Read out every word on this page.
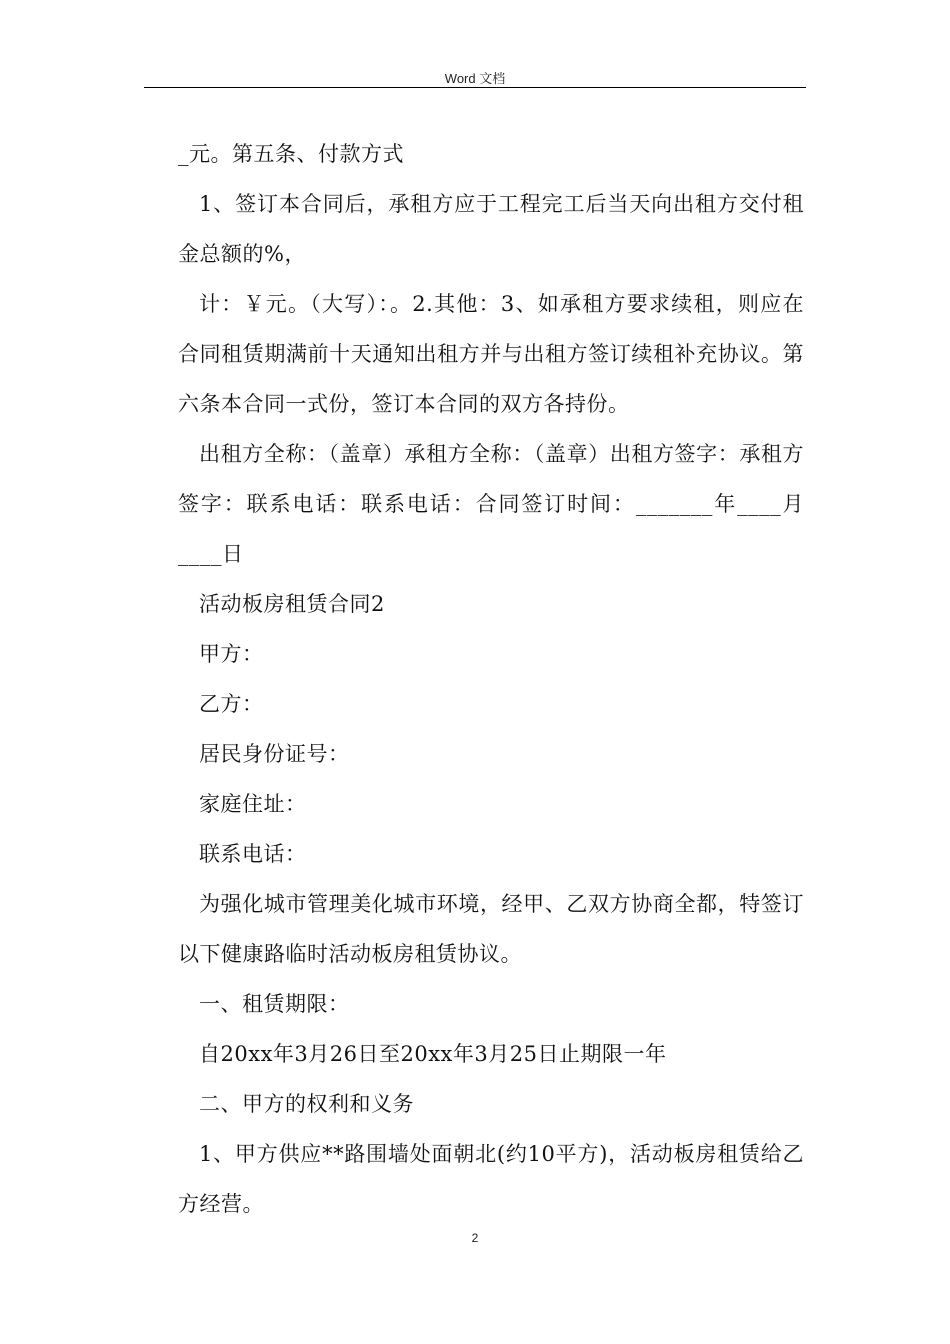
Word 文档

_元。第五条、付款方式

1、签订本合同后，承租方应于工程完工后当天向出租方交付租金总额的%，

计：￥元。（大写）：。2.其他：3、如承租方要求续租，则应在合同租赁期满前十天通知出租方并与出租方签订续租补充协议。第六条本合同一式份，签订本合同的双方各持份。

出租方全称：（盖章）承租方全称：（盖章）出租方签字：承租方签字：联系电话：联系电话：合同签订时间：_______年____月____日

活动板房租赁合同2

甲方：

乙方：

居民身份证号：

家庭住址：

联系电话：

为强化城市管理美化城市环境，经甲、乙双方协商全都，特签订以下健康路临时活动板房租赁协议。

一、租赁期限：

自20xx年3月26日至20xx年3月25日止期限一年

二、甲方的权利和义务

1、甲方供应**路围墙处面朝北(约10平方)，活动板房租赁给乙方经营。

2
